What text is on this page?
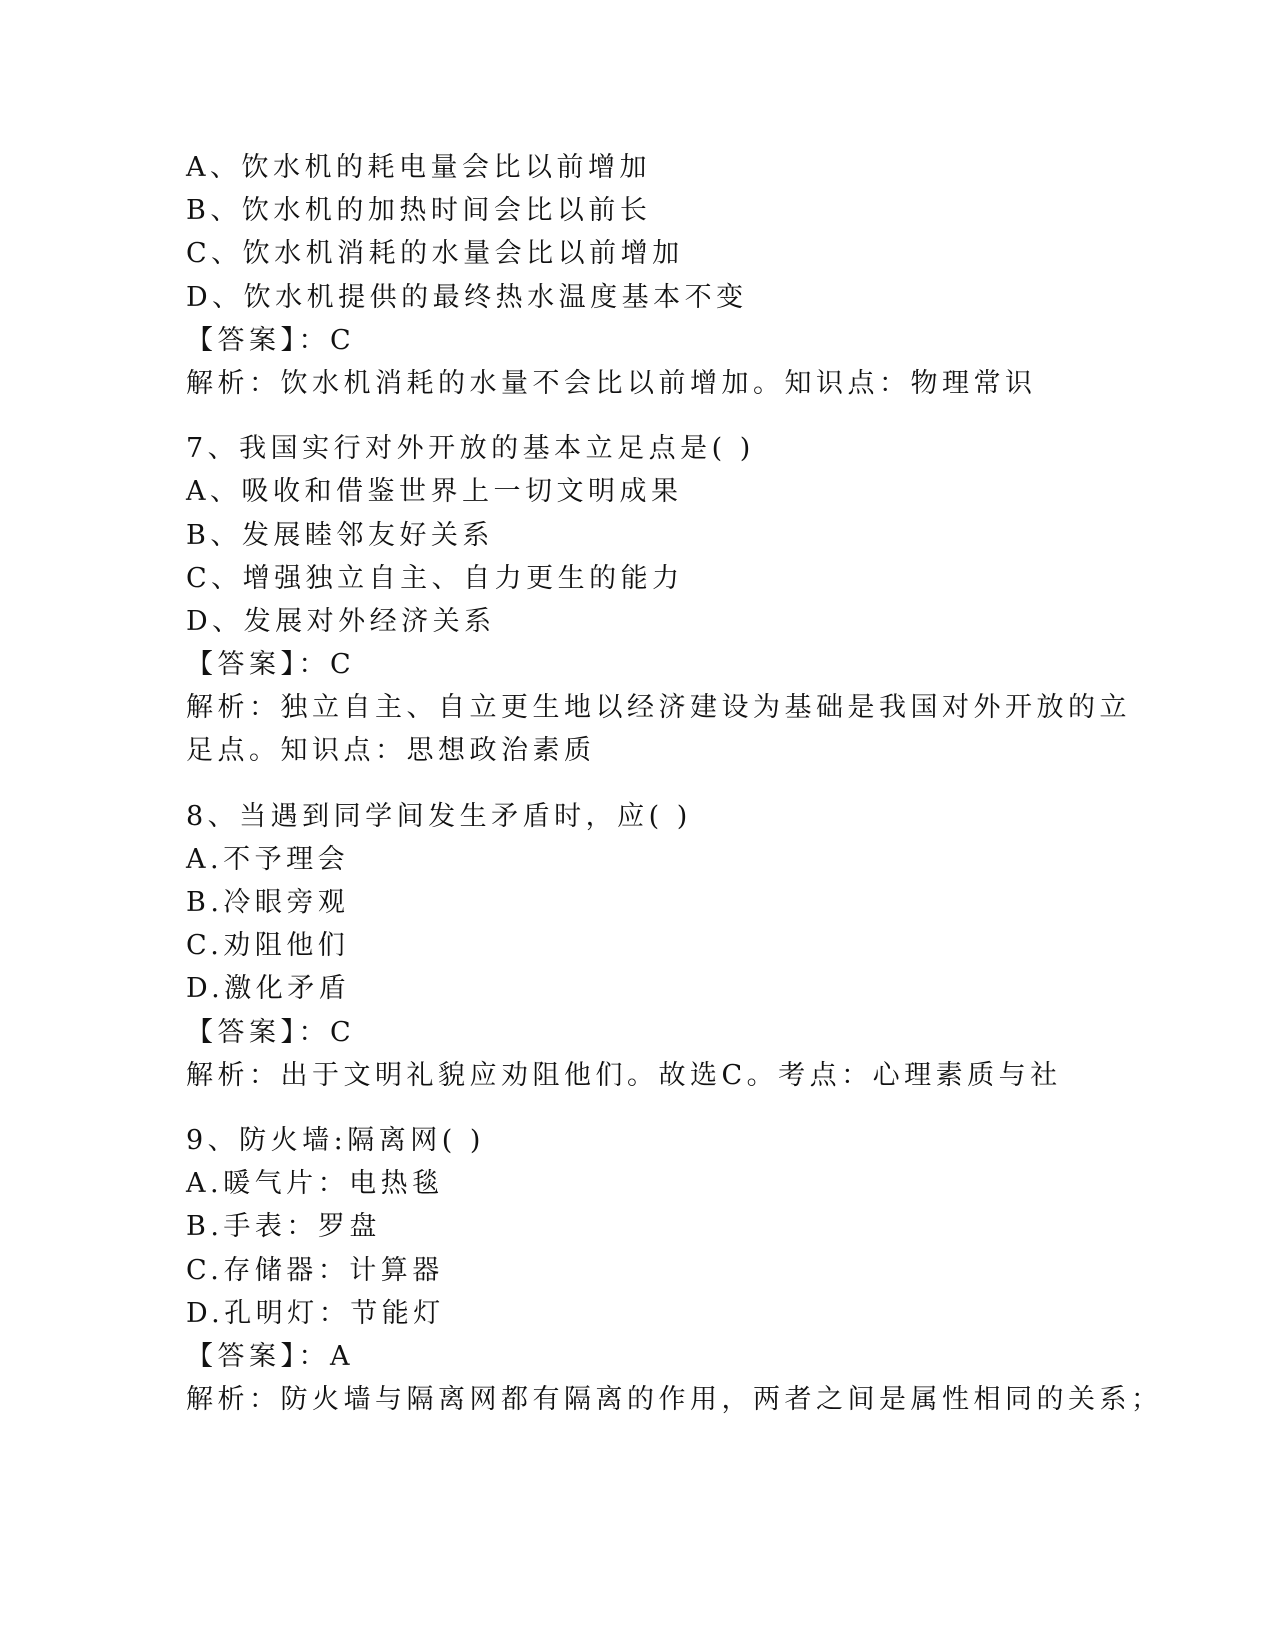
A、饮水机的耗电量会比以前增加
B、饮水机的加热时间会比以前长
C、饮水机消耗的水量会比以前增加
D、饮水机提供的最终热水温度基本不变
【答案】：C
解析：饮水机消耗的水量不会比以前增加。知识点：物理常识
7、我国实行对外开放的基本立足点是( )
A、吸收和借鉴世界上一切文明成果
B、发展睦邻友好关系
C、增强独立自主、自力更生的能力
D、发展对外经济关系
【答案】：C
解析：独立自主、自立更生地以经济建设为基础是我国对外开放的立
足点。知识点：思想政治素质
8、当遇到同学间发生矛盾时，应( )
A.不予理会
B.冷眼旁观
C.劝阻他们
D.激化矛盾
【答案】：C
解析：出于文明礼貌应劝阻他们。故选C。考点：心理素质与社
9、防火墙:隔离网( )
A.暖气片：电热毯
B.手表：罗盘
C.存储器：计算器
D.孔明灯：节能灯
【答案】：A
解析：防火墙与隔离网都有隔离的作用，两者之间是属性相同的关系；
